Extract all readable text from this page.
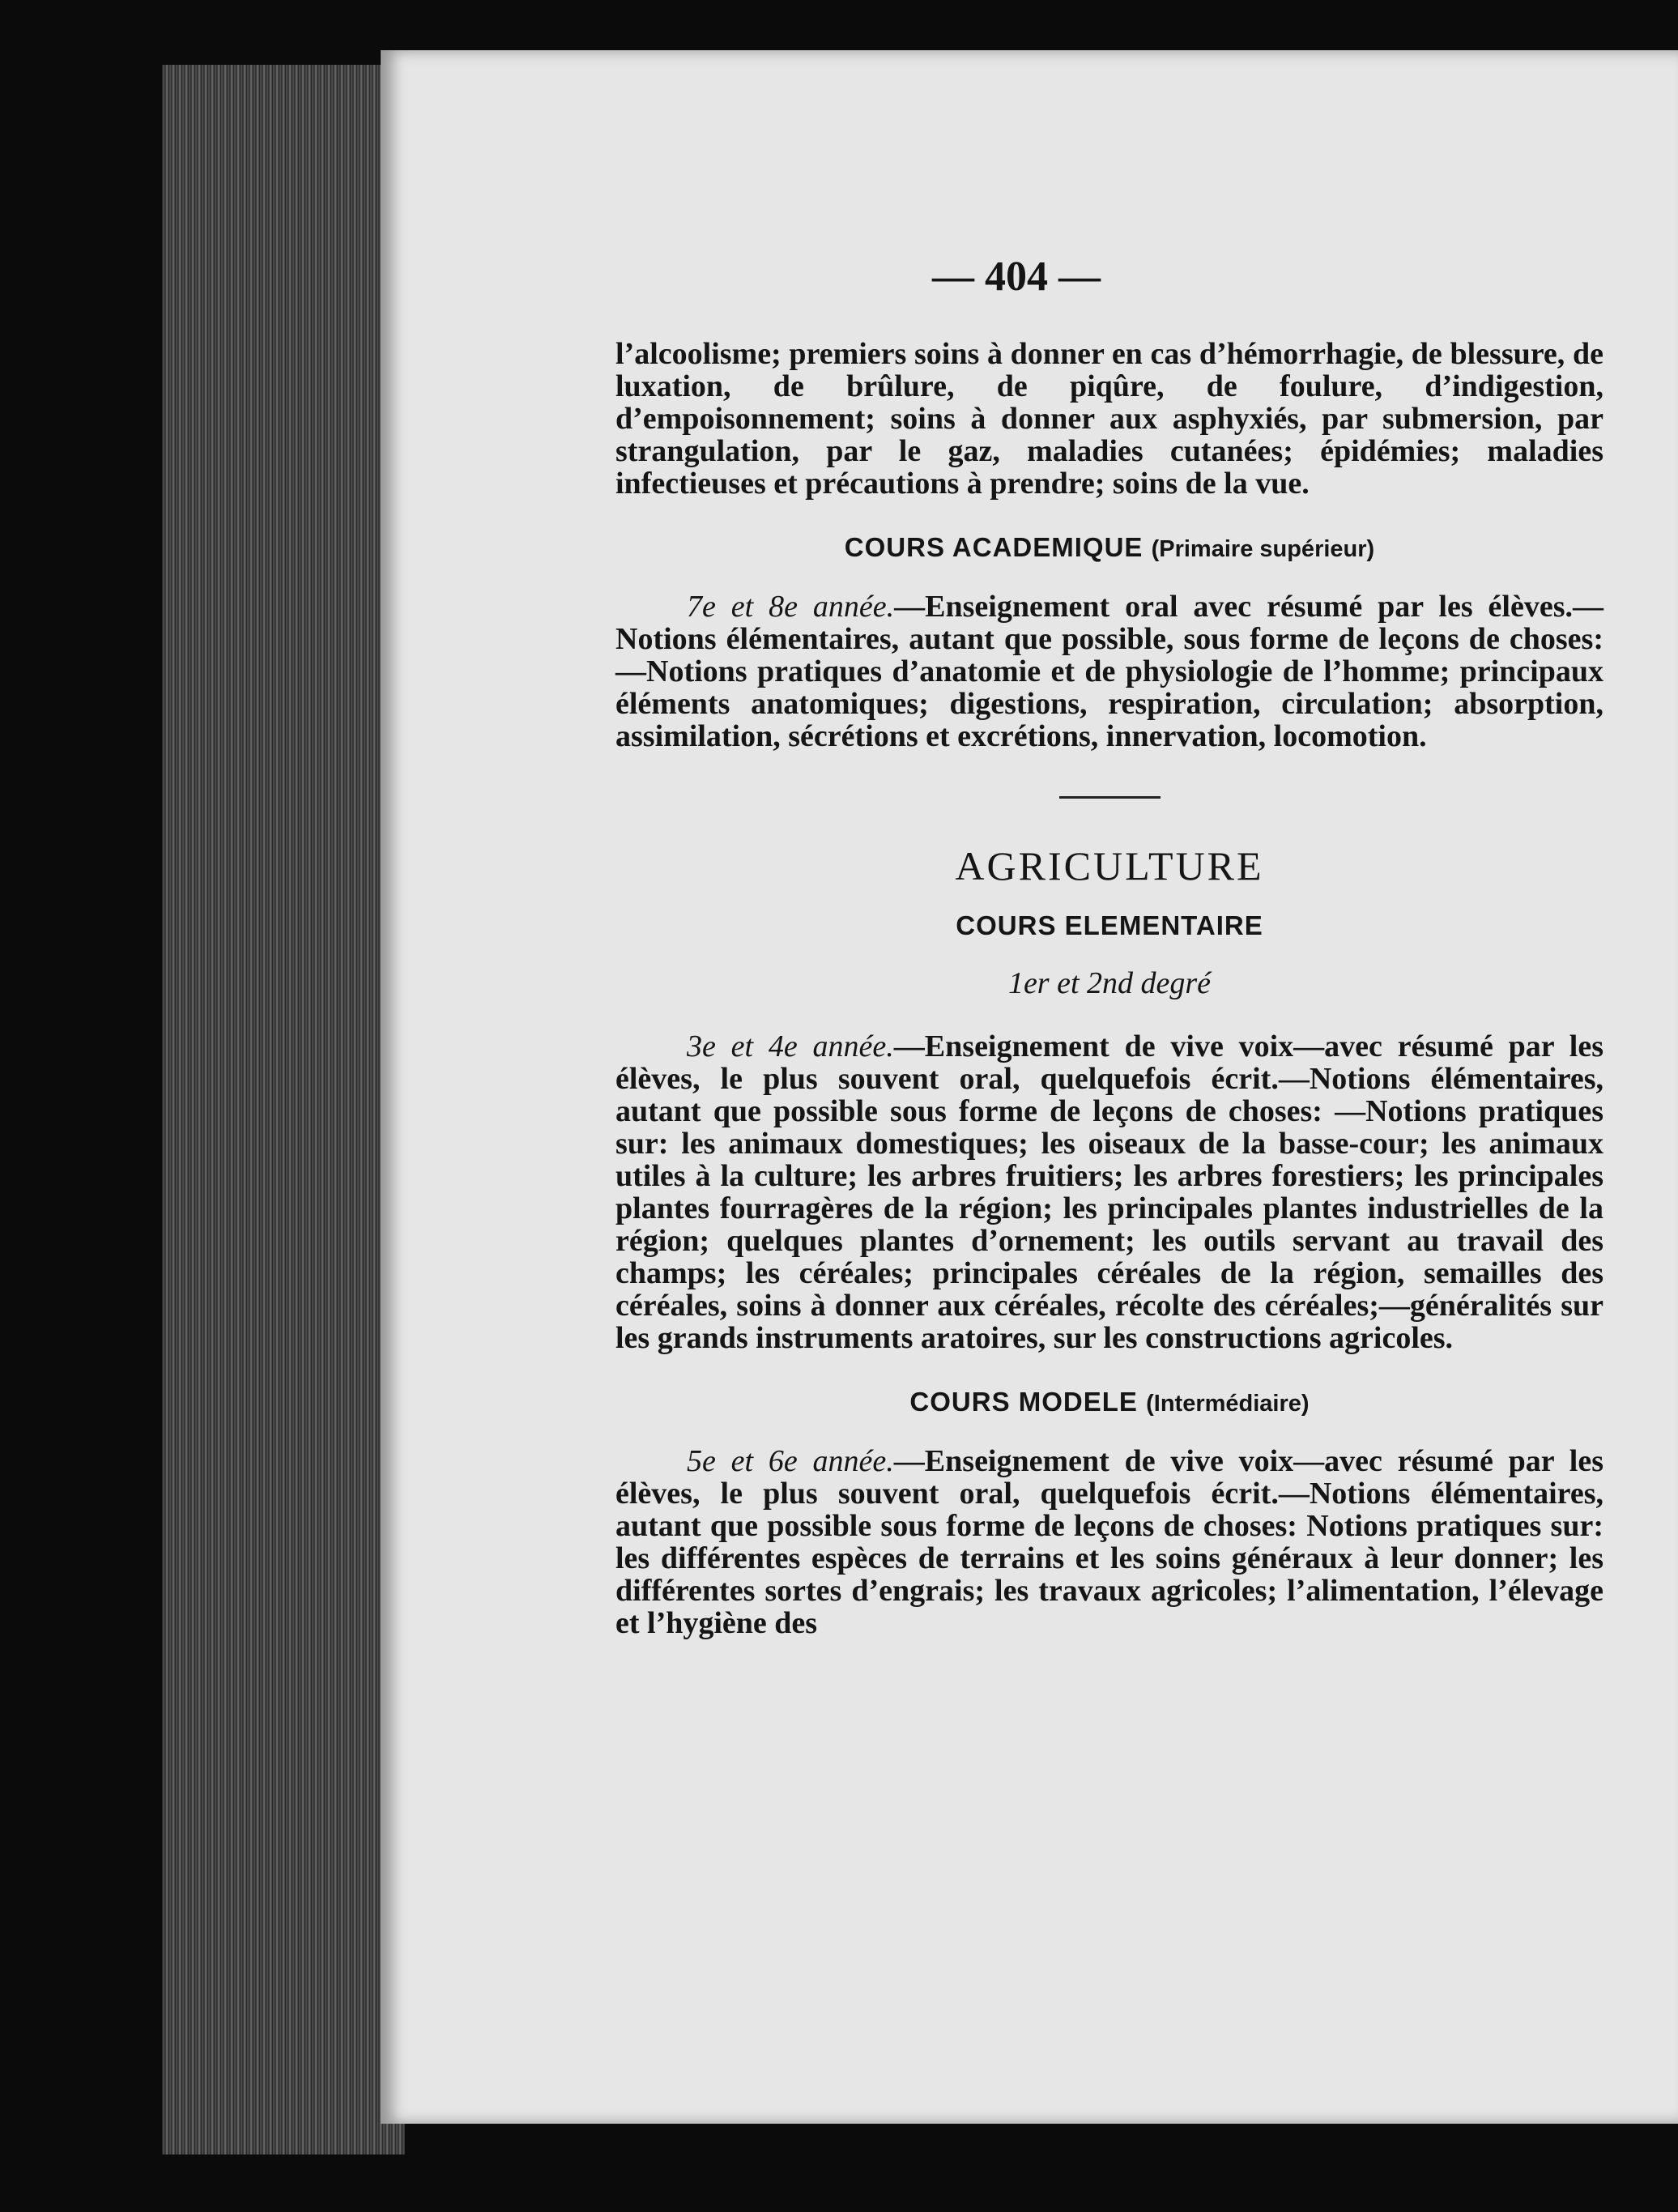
— 404 —

l’alcoolisme; premiers soins à donner en cas d’hémorrhagie, de blessure, de luxation, de brûlure, de piqûre, de foulure, d’indigestion, d’empoisonnement; soins à donner aux asphyxiés, par submersion, par strangulation, par le gaz, maladies cutanées; épidémies; maladies infectieuses et précautions à prendre; soins de la vue.

COURS ACADEMIQUE (Primaire supérieur)

7e et 8e année.—Enseignement oral avec résumé par les élèves.—Notions élémentaires, autant que possible, sous forme de leçons de choses:—Notions pratiques d’anatomie et de physiologie de l’homme; principaux éléments anatomiques; digestions, respiration, circulation; absorption, assimilation, sécrétions et excrétions, innervation, locomotion.

AGRICULTURE
COURS ELEMENTAIRE
1er et 2nd degré

3e et 4e année.—Enseignement de vive voix—avec résumé par les élèves, le plus souvent oral, quelquefois écrit.—Notions élémentaires, autant que possible sous forme de leçons de choses: —Notions pratiques sur: les animaux domestiques; les oiseaux de la basse-cour; les animaux utiles à la culture; les arbres fruitiers; les arbres forestiers; les principales plantes fourragères de la région; les principales plantes industrielles de la région; quelques plantes d’ornement; les outils servant au travail des champs; les céréales; principales céréales de la région, semailles des céréales, soins à donner aux céréales, récolte des céréales;—généralités sur les grands instruments aratoires, sur les constructions agricoles.

COURS MODELE (Intermédiaire)

5e et 6e année.—Enseignement de vive voix—avec résumé par les élèves, le plus souvent oral, quelquefois écrit.—Notions élémentaires, autant que possible sous forme de leçons de choses: Notions pratiques sur: les différentes espèces de terrains et les soins généraux à leur donner; les différentes sortes d’engrais; les travaux agricoles; l’alimentation, l’élevage et l’hygiène des
